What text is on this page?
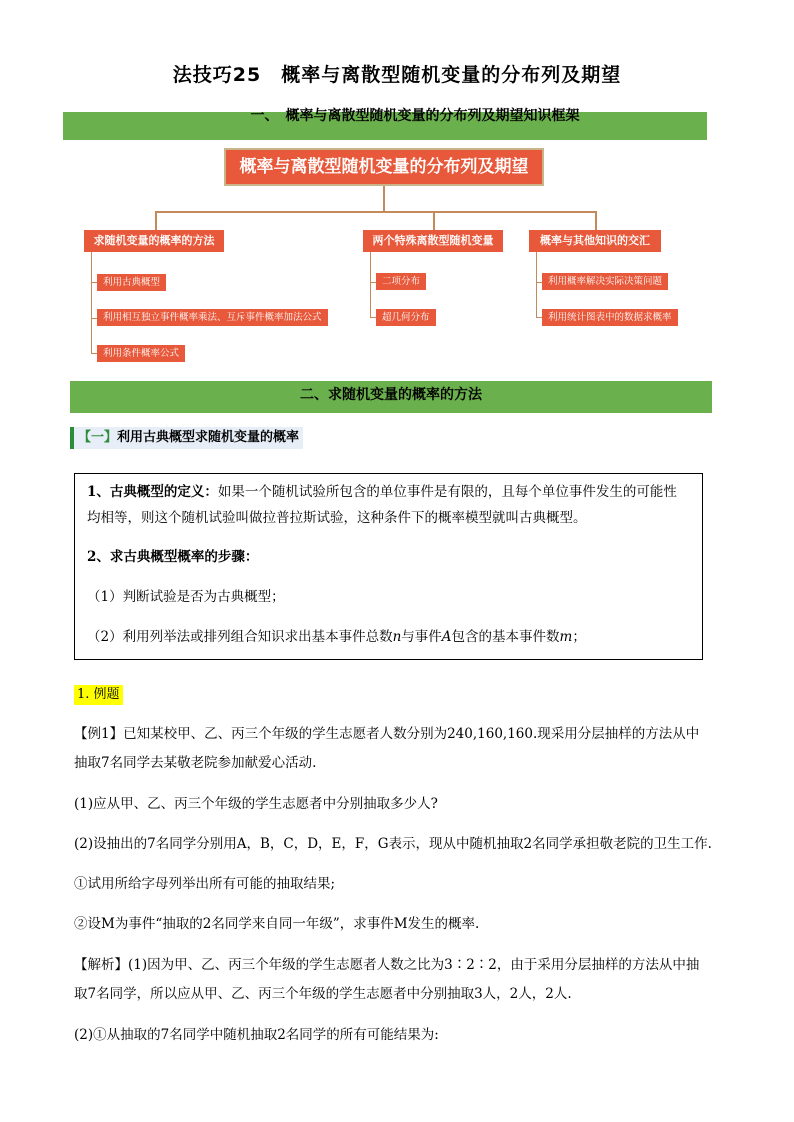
法技巧25　概率与离散型随机变量的分布列及期望
一、　概率与离散型随机变量的分布列及期望知识框架
概率与离散型随机变量的分布列及期望
求随机变量的概率的方法	两个特殊离散型随机变量	概率与其他知识的交汇
利用古典概型
利用相互独立事件概率乘法、互斥事件概率加法公式
利用条件概率公式
二项分布
超几何分布
利用概率解决实际决策问题
利用统计图表中的数据求概率
二、求随机变量的概率的方法
【一】利用古典概型求随机变量的概率
1、古典概型的定义：如果一个随机试验所包含的单位事件是有限的，且每个单位事件发生的可能性
均相等，则这个随机试验叫做拉普拉斯试验，这种条件下的概率模型就叫古典概型。
2、求古典概型概率的步骤：
（1）判断试验是否为古典概型；
（2）利用列举法或排列组合知识求出基本事件总数n与事件A包含的基本事件数m；
1. 例题
【例1】已知某校甲、乙、丙三个年级的学生志愿者人数分别为240,160,160.现采用分层抽样的方法从中
抽取7名同学去某敬老院参加献爱心活动.
(1)应从甲、乙、丙三个年级的学生志愿者中分别抽取多少人?
(2)设抽出的7名同学分别用A，B，C，D，E，F，G表示，现从中随机抽取2名同学承担敬老院的卫生工作.
①试用所给字母列举出所有可能的抽取结果;
②设M为事件“抽取的2名同学来自同一年级”，求事件M发生的概率.
【解析】(1)因为甲、乙、丙三个年级的学生志愿者人数之比为3∶2∶2，由于采用分层抽样的方法从中抽
取7名同学，所以应从甲、乙、丙三个年级的学生志愿者中分别抽取3人，2人，2人.
(2)①从抽取的7名同学中随机抽取2名同学的所有可能结果为:
